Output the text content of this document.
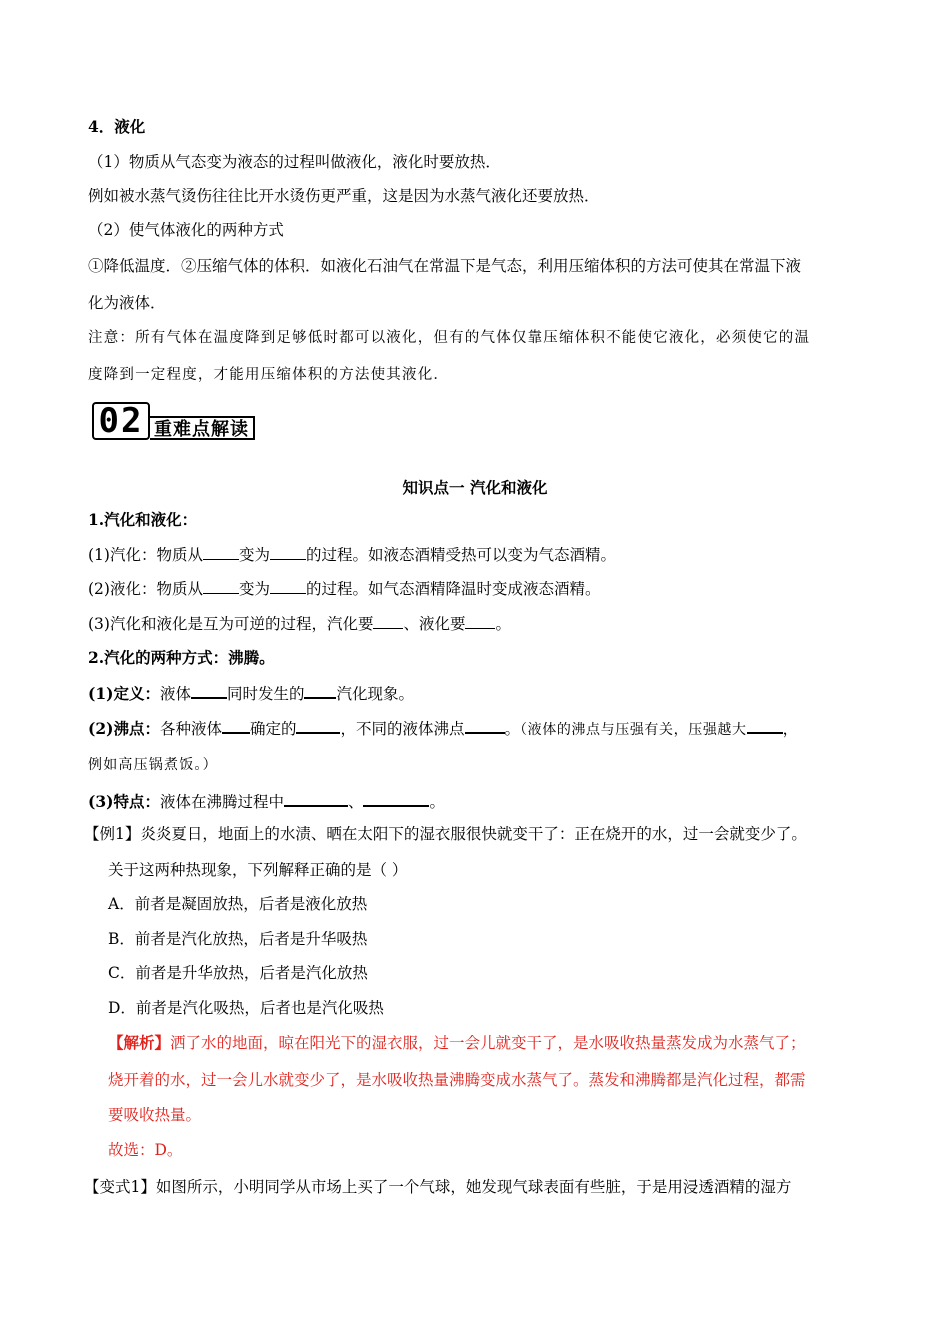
4．液化
（1）物质从气态变为液态的过程叫做液化，液化时要放热．
例如被水蒸气烫伤往往比开水烫伤更严重，这是因为水蒸气液化还要放热．
（2）使气体液化的两种方式
①降低温度．②压缩气体的体积．如液化石油气在常温下是气态，利用压缩体积的方法可使其在常温下液
化为液体．
注意：所有气体在温度降到足够低时都可以液化，但有的气体仅靠压缩体积不能使它液化，必须使它的温
度降到一定程度，才能用压缩体积的方法使其液化．
02 重难点解读
知识点一 汽化和液化
1.汽化和液化：
(1)汽化：物质从 变为 的过程。如液态酒精受热可以变为气态酒精。
(2)液化：物质从 变为 的过程。如气态酒精降温时变成液态酒精。
(3)汽化和液化是互为可逆的过程，汽化要 、液化要 。
2.汽化的两种方式：沸腾。
(1)定义：液体 同时发生的 汽化现象。
(2)沸点：各种液体 确定的	，不同的液体沸点	。（液体的沸点与压强有关，压强越大 ，
例如高压锅煮饭。）
(3)特点：液体在沸腾过程中	、	。
【例1】炎炎夏日，地面上的水渍、晒在太阳下的湿衣服很快就变干了：正在烧开的水，过一会就变少了。
关于这两种热现象，下列解释正确的是（ ）
A．前者是凝固放热，后者是液化放热
B．前者是汽化放热，后者是升华吸热
C．前者是升华放热，后者是汽化放热
D．前者是汽化吸热，后者也是汽化吸热
【解析】洒了水的地面，晾在阳光下的湿衣服，过一会儿就变干了，是水吸收热量蒸发成为水蒸气了；
烧开着的水，过一会儿水就变少了，是水吸收热量沸腾变成水蒸气了。蒸发和沸腾都是汽化过程，都需
要吸收热量。
故选：D。
【变式1】如图所示，小明同学从市场上买了一个气球，她发现气球表面有些脏，于是用浸透酒精的湿方
